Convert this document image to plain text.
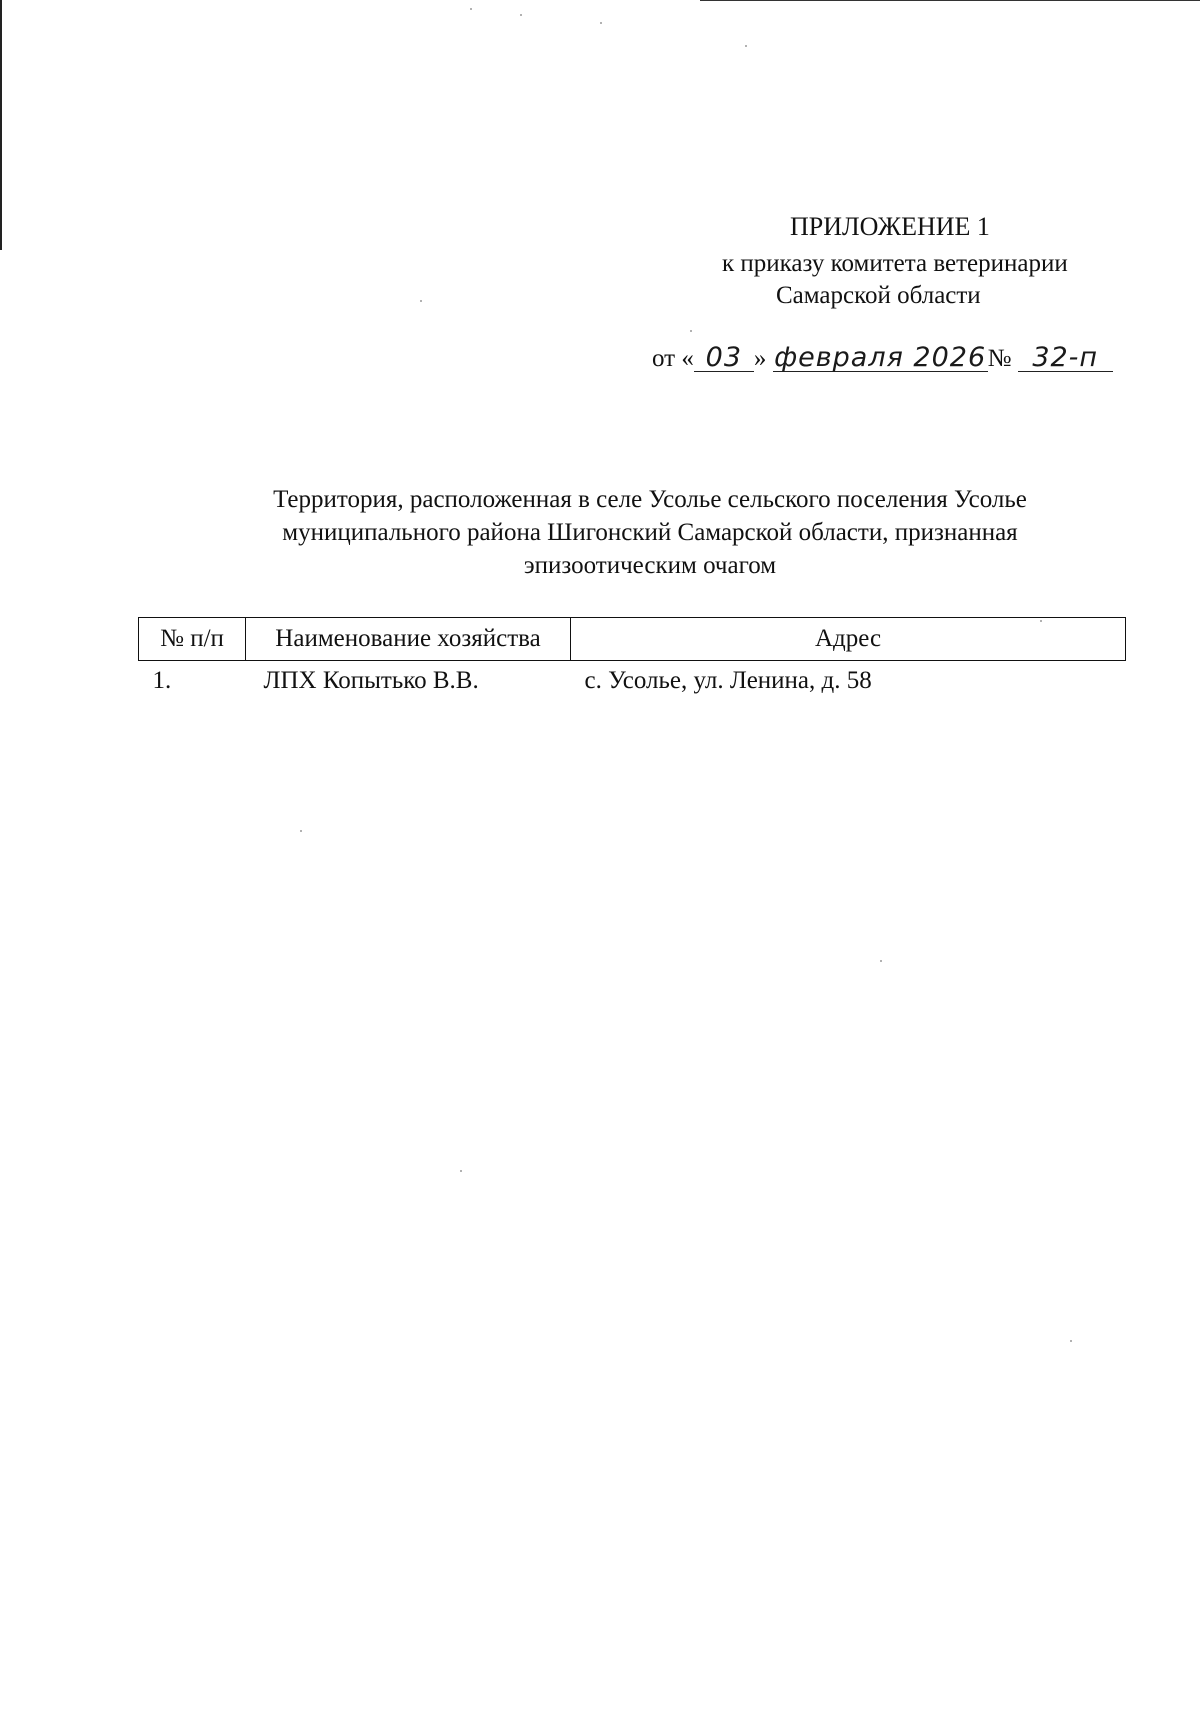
ПРИЛОЖЕНИЕ 1
к приказу комитета ветеринарии
Самарской области
от « 03 » февраля 2026№ 32-п
Территория, расположенная в селе Усолье сельского поселения Усолье
муниципального района Шигонский Самарской области, признанная
эпизоотическим очагом
№ п/п	Наименование хозяйства	Адрес
1.	ЛПХ Копытько В.В.	с. Усолье, ул. Ленина, д. 58
